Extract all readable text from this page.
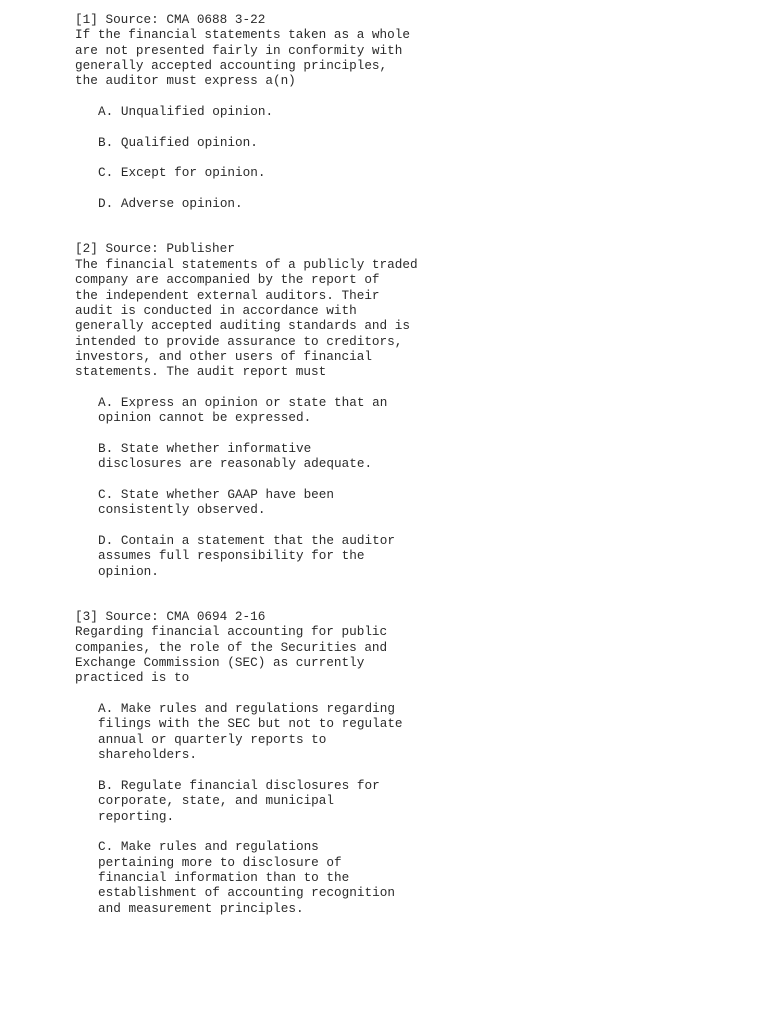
[1] Source: CMA 0688 3-22
If the financial statements taken as a whole
are not presented fairly in conformity with
generally accepted accounting principles,
the auditor must express a(n)
A. Unqualified opinion.
B. Qualified opinion.
C. Except for opinion.
D. Adverse opinion.
[2] Source: Publisher
The financial statements of a publicly traded
company are accompanied by the report of
the independent external auditors. Their
audit is conducted in accordance with
generally accepted auditing standards and is
intended to provide assurance to creditors,
investors, and other users of financial
statements. The audit report must
A. Express an opinion or state that an
opinion cannot be expressed.
B. State whether informative
disclosures are reasonably adequate.
C. State whether GAAP have been
consistently observed.
D. Contain a statement that the auditor
assumes full responsibility for the
opinion.
[3] Source: CMA 0694 2-16
Regarding financial accounting for public
companies, the role of the Securities and
Exchange Commission (SEC) as currently
practiced is to
A. Make rules and regulations regarding
filings with the SEC but not to regulate
annual or quarterly reports to
shareholders.
B. Regulate financial disclosures for
corporate, state, and municipal
reporting.
C. Make rules and regulations
pertaining more to disclosure of
financial information than to the
establishment of accounting recognition
and measurement principles.
